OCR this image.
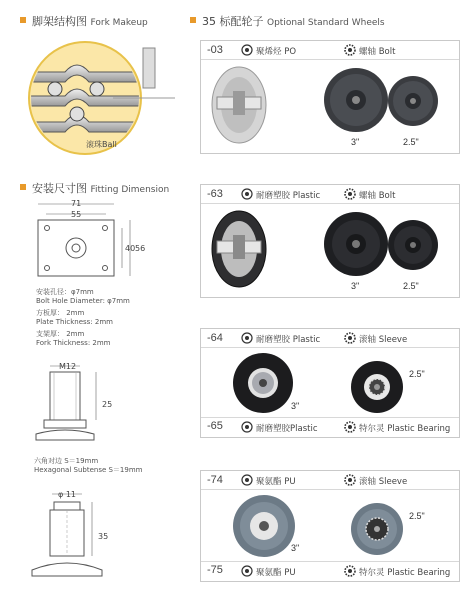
脚架结构图 Fork Makeup
滚珠Ball
安装尺寸图 Fitting Dimension
71
55
40 56
安装孔径：φ7mm
Bolt Hole Diameter: φ7mm
方板厚： 2mm
Plate Thickness: 2mm
支架厚： 2mm
Fork Thickness: 2mm
M12
25
六角对边 S＝19mm
Hexagonal Subtense S＝19mm
φ 11
35
35 标配轮子 Optional Standard Wheels
-03	聚烯烃 PO	螺轴 Bolt
3"	2.5"
-63	耐磨塑胶 Plastic	螺轴 Bolt
3"	2.5"
-64	耐磨塑胶 Plastic	滚轴 Sleeve
3"
2.5"
-65	耐磨塑胶Plastic	特尔灵 Plastic Bearing
-74	聚氨酯 PU	滚轴 Sleeve
3"
2.5"
-75	聚氨酯 PU	特尔灵 Plastic Bearing
